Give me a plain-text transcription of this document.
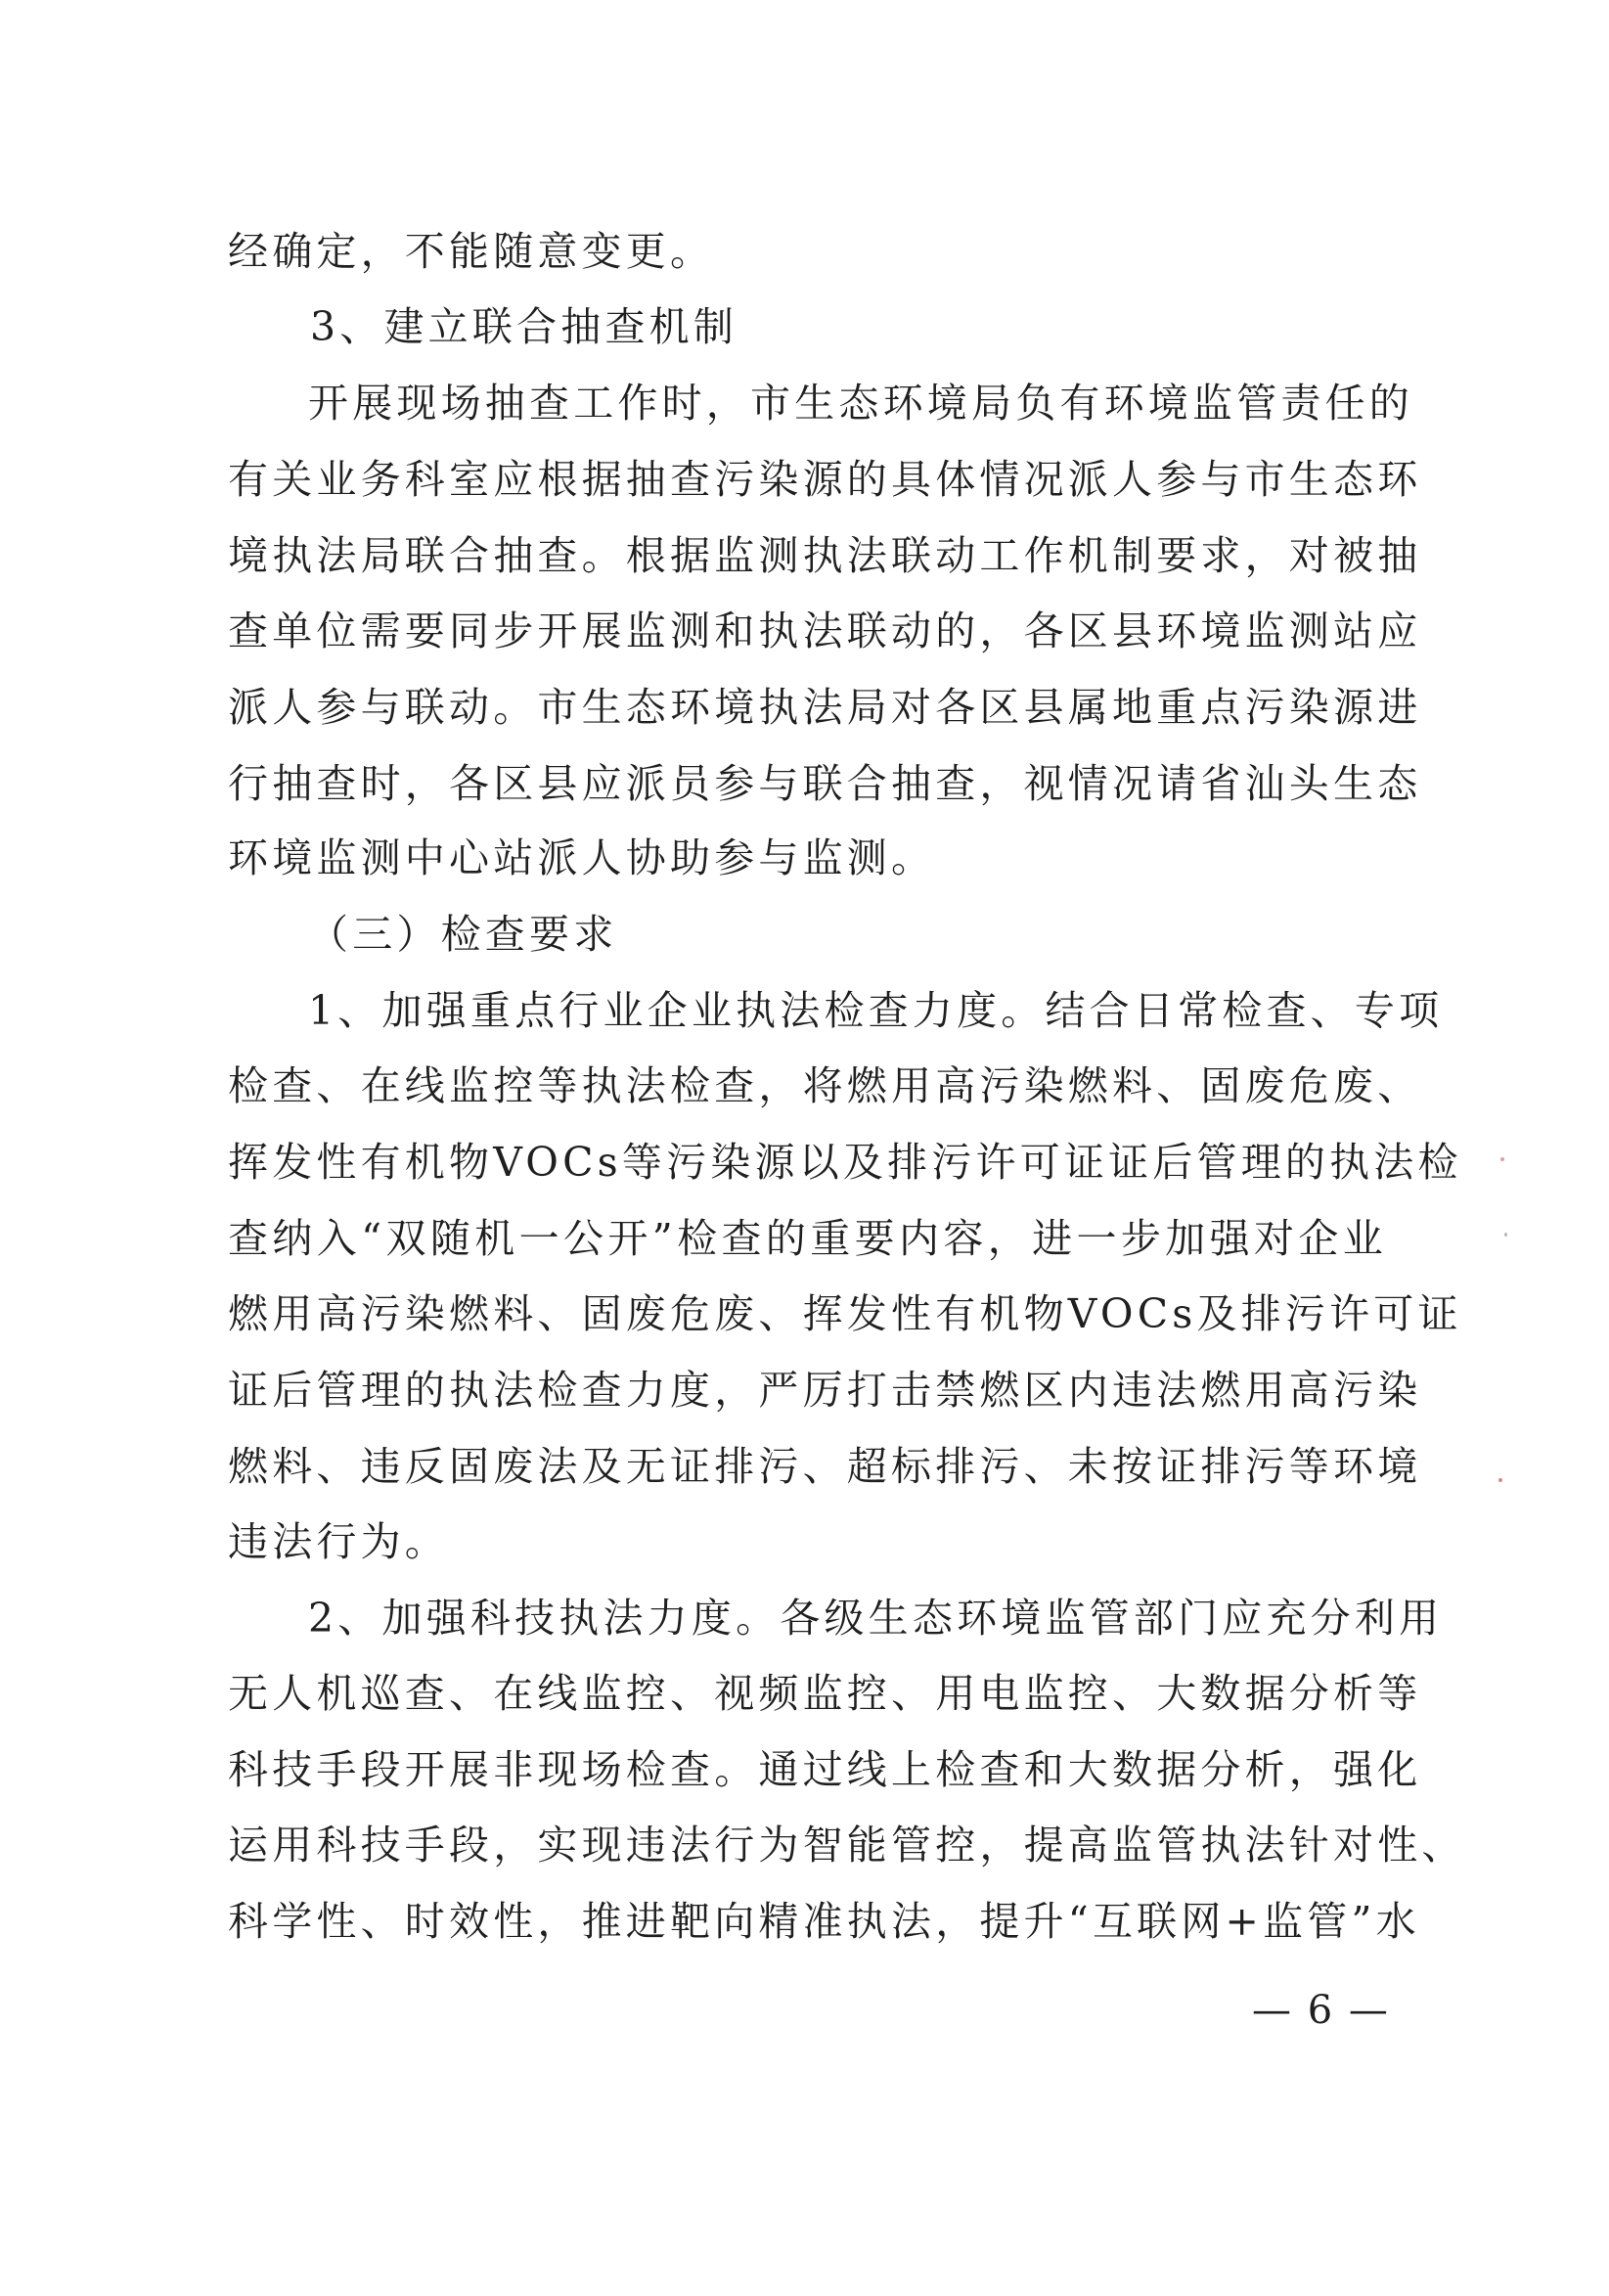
经确定，不能随意变更。
3、建立联合抽查机制
开展现场抽查工作时，市生态环境局负有环境监管责任的
有关业务科室应根据抽查污染源的具体情况派人参与市生态环
境执法局联合抽查。根据监测执法联动工作机制要求，对被抽
查单位需要同步开展监测和执法联动的，各区县环境监测站应
派人参与联动。市生态环境执法局对各区县属地重点污染源进
行抽查时，各区县应派员参与联合抽查，视情况请省汕头生态
环境监测中心站派人协助参与监测。
（三）检查要求
1、加强重点行业企业执法检查力度。结合日常检查、专项
检查、在线监控等执法检查，将燃用高污染燃料、固废危废、
挥发性有机物VOCs等污染源以及排污许可证证后管理的执法检
查纳入“双随机一公开”检查的重要内容，进一步加强对企业
燃用高污染燃料、固废危废、挥发性有机物VOCs及排污许可证
证后管理的执法检查力度，严厉打击禁燃区内违法燃用高污染
燃料、违反固废法及无证排污、超标排污、未按证排污等环境
违法行为。
2、加强科技执法力度。各级生态环境监管部门应充分利用
无人机巡查、在线监控、视频监控、用电监控、大数据分析等
科技手段开展非现场检查。通过线上检查和大数据分析，强化
运用科技手段，实现违法行为智能管控，提高监管执法针对性、
科学性、时效性，推进靶向精准执法，提升“互联网+监管”水
— 6 —
